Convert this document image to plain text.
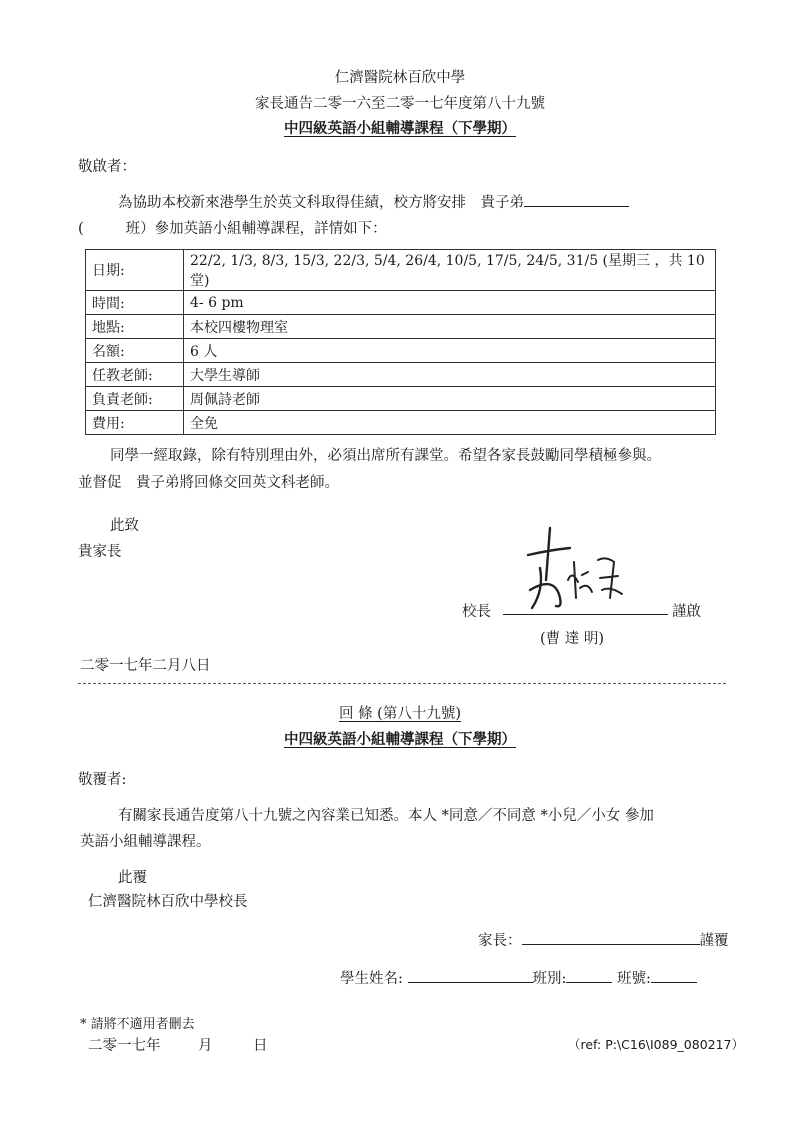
仁濟醫院林百欣中學
家長通告二零一六至二零一七年度第八十九號
中四級英語小組輔導課程（下學期）
敬啟者：
為協助本校新來港學生於英文科取得佳績，校方將安排　貴子弟
(	班）參加英語小組輔導課程，詳情如下：
日期:	22/2, 1/3, 8/3, 15/3, 22/3, 5/4, 26/4, 10/5, 17/5, 24/5, 31/5 (星期三 ，共 10 堂)
時間:	4- 6 pm
地點:	本校四樓物理室
名額:	6 人
任教老師:	大學生導師
負責老師:	周佩詩老師
費用:	全免
同學一經取錄，除有特別理由外，必須出席所有課堂。希望各家長鼓勵同學積極參與。
並督促　貴子弟將回條交回英文科老師。
此致
貴家長
校長	謹啟
(曹 達 明)
二零一七年二月八日
回 條 (第八十九號)
中四級英語小組輔導課程（下學期）
敬覆者:
有關家長通告度第八十九號之內容業已知悉。本人 *同意／不同意 *小兒／小女 參加
英語小組輔導課程。
此覆
仁濟醫院林百欣中學校長
家長：	謹覆
學生姓名:	班別:	班號:
* 請將不適用者刪去
二零一七年	月	日	（ref: P:\C16\I089_080217）
